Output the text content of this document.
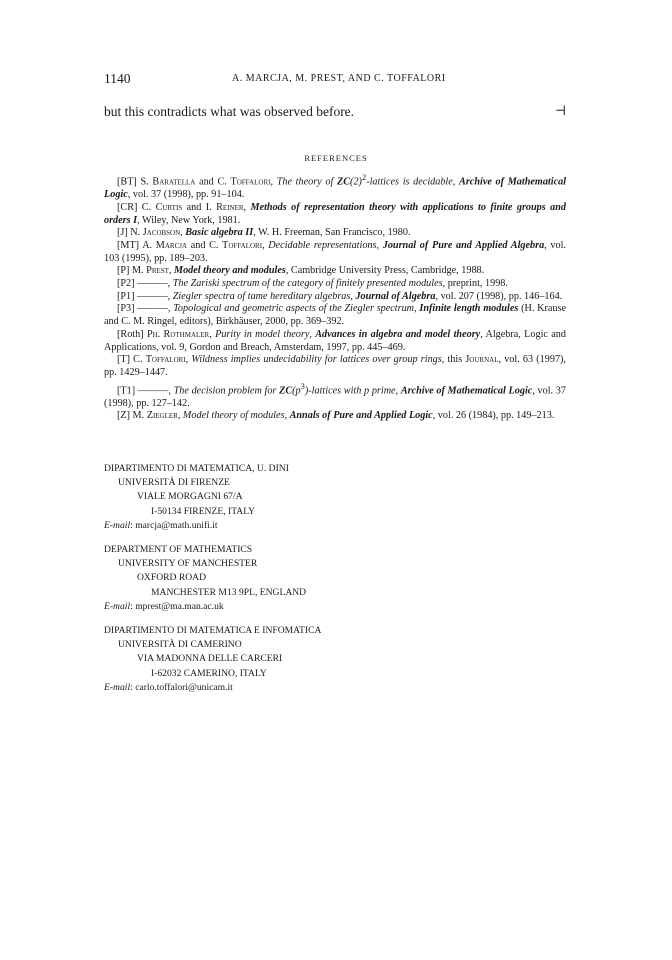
1140	A. MARCJA, M. PREST, AND C. TOFFALORI
but this contradicts what was observed before.	⊣
REFERENCES

[BT] S. Baratella and C. Toffalori, The theory of $ZC(2)^2$-lattices is decidable, Archive of Mathematical Logic, vol. 37 (1998), pp. 91–104.

[CR] C. Curtis and I. Reiner, Methods of representation theory with applications to finite groups and orders I, Wiley, New York, 1981.

[J] N. Jacobson, Basic algebra II, W. H. Freeman, San Francisco, 1980.

[MT] A. Marcja and C. Toffalori, Decidable representations, Journal of Pure and Applied Algebra, vol. 103 (1995), pp. 189–203.

[P] M. Prest, Model theory and modules, Cambridge University Press, Cambridge, 1988.

[P2] ———, The Zariski spectrum of the category of finitely presented modules, preprint, 1998.

[P1] ———, Ziegler spectra of tame hereditary algebras, Journal of Algebra, vol. 207 (1998), pp. 146–164.

[P3] ———, Topological and geometric aspects of the Ziegler spectrum, Infinite length modules (H. Krause and C. M. Ringel, editors), Birkhäuser, 2000, pp. 369–392.

[Roth] Ph. Rothmaler, Purity in model theory, Advances in algebra and model theory, Algebra, Logic and Applications, vol. 9, Gordon and Breach, Amsterdam, 1997, pp. 445–469.

[T] C. Toffalori, Wildness implies undecidability for lattices over group rings, this Journal, vol. 63 (1997), pp. 1429–1447.

[T1] ———, The decision problem for $ZC(p^3)$-lattices with p prime, Archive of Mathematical Logic, vol. 37 (1998), pp. 127–142.

[Z] M. Ziegler, Model theory of modules, Annals of Pure and Applied Logic, vol. 26 (1984), pp. 149–213.

DIPARTIMENTO DI MATEMATICA, U. DINI
UNIVERSITÀ DI FIRENZE
VIALE MORGAGNI 67/A
I-50134 FIRENZE, ITALY
E-mail: marcja@math.unifi.it
DEPARTMENT OF MATHEMATICS
UNIVERSITY OF MANCHESTER
OXFORD ROAD
MANCHESTER M13 9PL, ENGLAND
E-mail: mprest@ma.man.ac.uk
DIPARTIMENTO DI MATEMATICA E INFOMATICA
UNIVERSITÀ DI CAMERINO
VIA MADONNA DELLE CARCERI
I-62032 CAMERINO, ITALY
E-mail: carlo.toffalori@unicam.it
